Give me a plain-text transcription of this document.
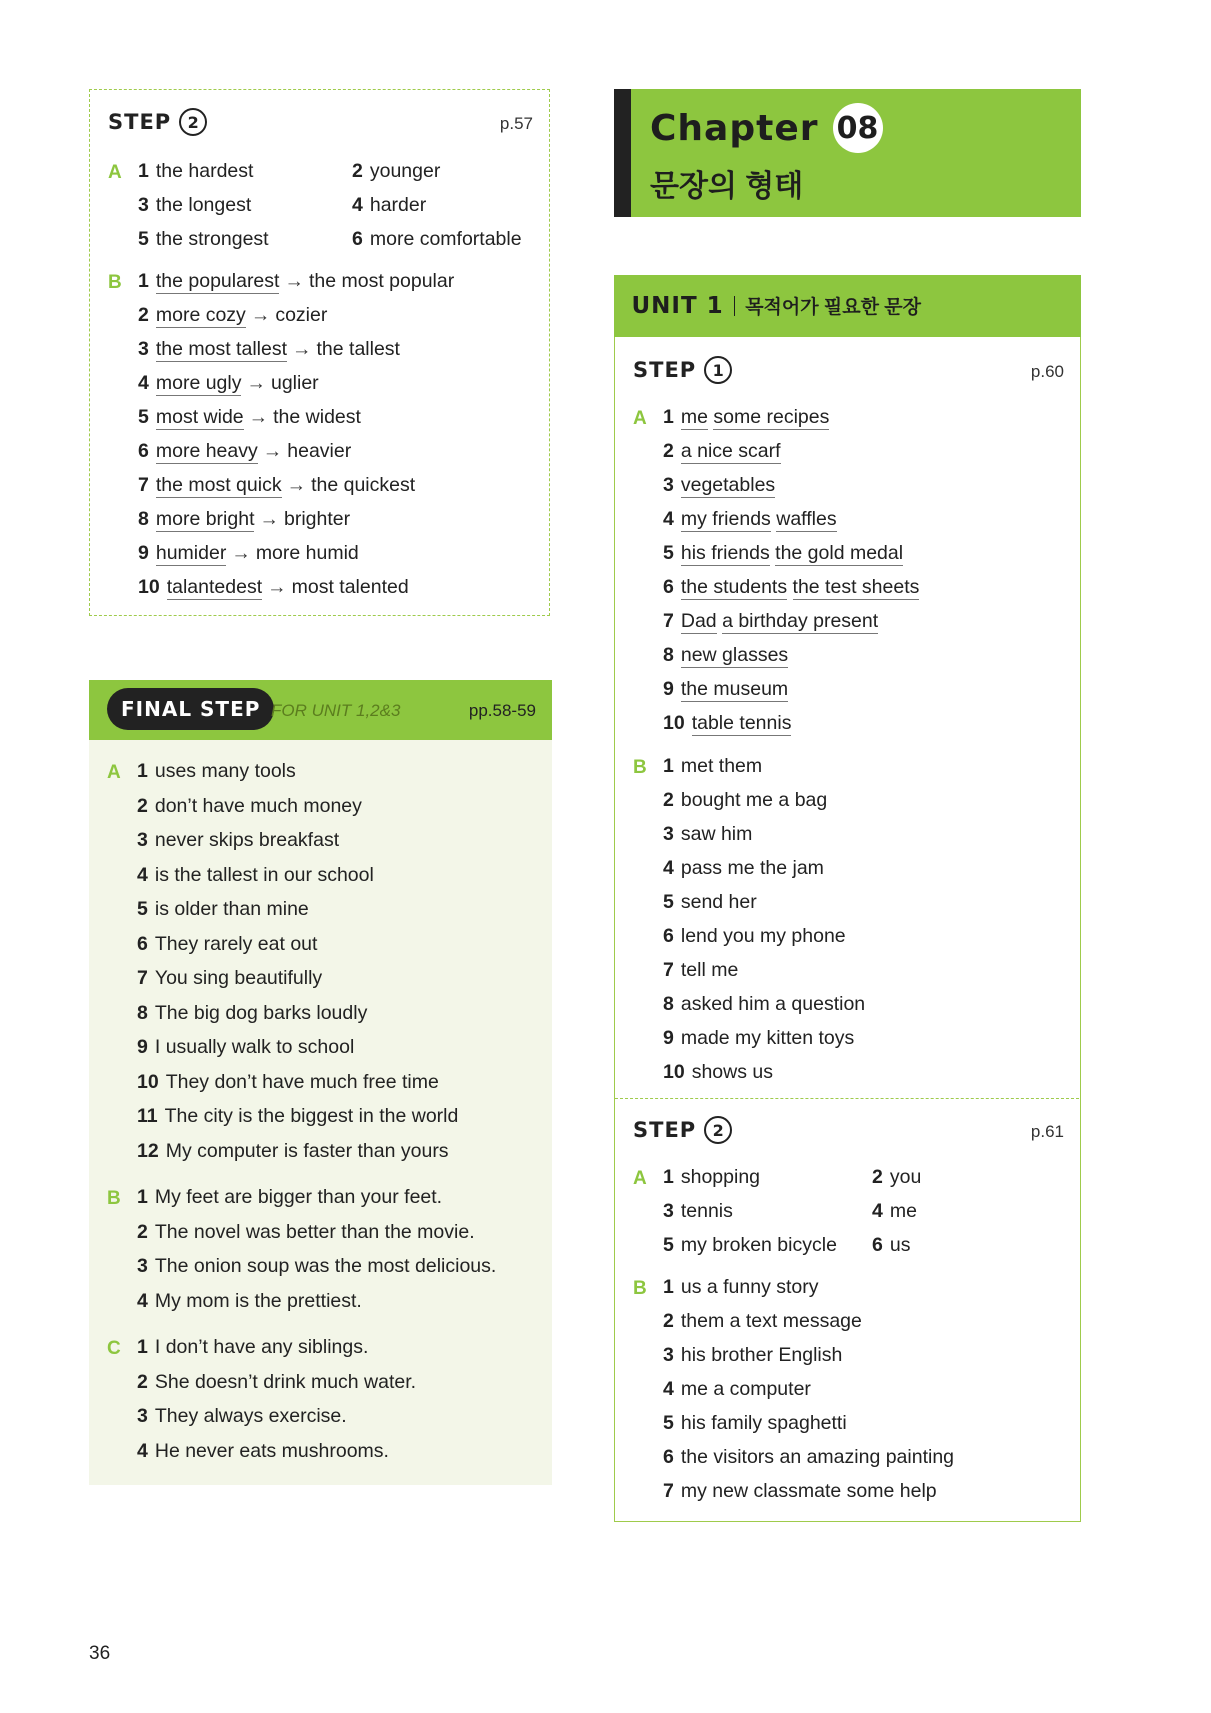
STEP	2	p.57
A 1 the hardest	2 younger
3 the longest	4 harder
5 the strongest	6 more comfortable
B 1 the popularest → the most popular
2 more cozy → cozier
3 the most tallest → the tallest
4 more ugly → uglier
5 most wide → the widest
6 more heavy → heavier
7 the most quick → the quickest
8 more bright → brighter
9 humider → more humid
10 talantedest → most talented
FINAL STEP FOR UNIT 1,2&3	pp.58-59
A 1 uses many tools
2 don’t have much money
3 never skips breakfast
4 is the tallest in our school
5 is older than mine
6 They rarely eat out
7 You sing beautifully
8 The big dog barks loudly
9 I usually walk to school
10 They don’t have much free time
11 The city is the biggest in the world
12 My computer is faster than yours
B 1 My feet are bigger than your feet.
2 The novel was better than the movie.
3 The onion soup was the most delicious.
4 My mom is the prettiest.
C 1 I don’t have any siblings.
2 She doesn’t drink much water.
3 They always exercise.
4 He never eats mushrooms.
Chapter 08
문장의 형태
UNIT 1 목적어가 필요한 문장
STEP	1	p.60
A 1 me some recipes
2 a nice scarf
3 vegetables
4 my friends waffles
5 his friends the gold medal
6 the students the test sheets
7 Dad a birthday present
8 new glasses
9 the museum
10 table tennis
B 1 met them
2 bought me a bag
3 saw him
4 pass me the jam
5 send her
6 lend you my phone
7 tell me
8 asked him a question
9 made my kitten toys
10 shows us
STEP	2	p.61
A 1 shopping	2 you
3 tennis	4 me
5 my broken bicycle 6 us
B 1 us a funny story
2 them a text message
3 his brother English
4 me a computer
5 his family spaghetti
6 the visitors an amazing painting
7 my new classmate some help
36
